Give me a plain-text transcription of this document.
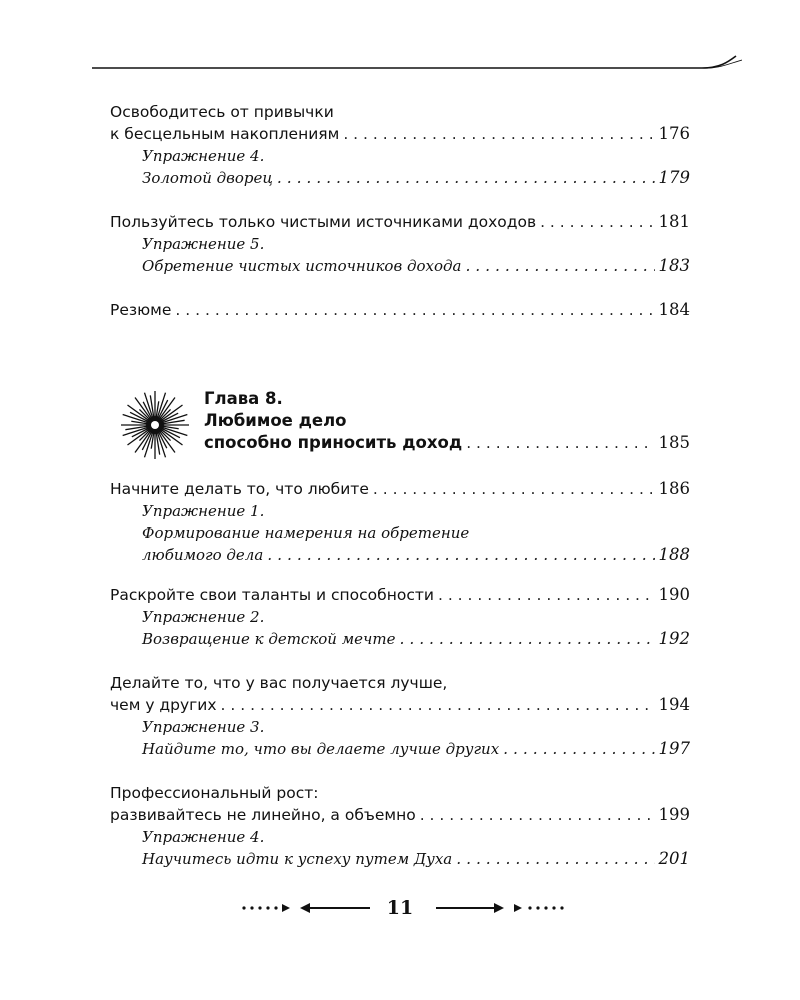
Освободитесь от привычки
к бесцельным накоплениям . . .	176
Упражнение 4.
Золотой дворец . . .	179
Пользуйтесь только чистыми источниками доходов . . .	181
Упражнение 5.
Обретение чистых источников дохода . . .	183
Резюме . . .	184
Глава 8.
Любимое дело
способно приносить доход . . .	185
Начните делать то, что любите . . .	186
Упражнение 1.
Формирование намерения на обретение
любимого дела . . .	188
Раскройте свои таланты и способности . . .	190
Упражнение 2.
Возвращение к детской мечте . . .	192
Делайте то, что у вас получается лучше,
чем у других . . .	194
Упражнение 3.
Найдите то, что вы делаете лучше других . . .	197
Профессиональный рост:
развивайтесь не линейно, а объемно . . .	199
Упражнение 4.
Научитесь идти к успеху путем Духа . . .	201
11
